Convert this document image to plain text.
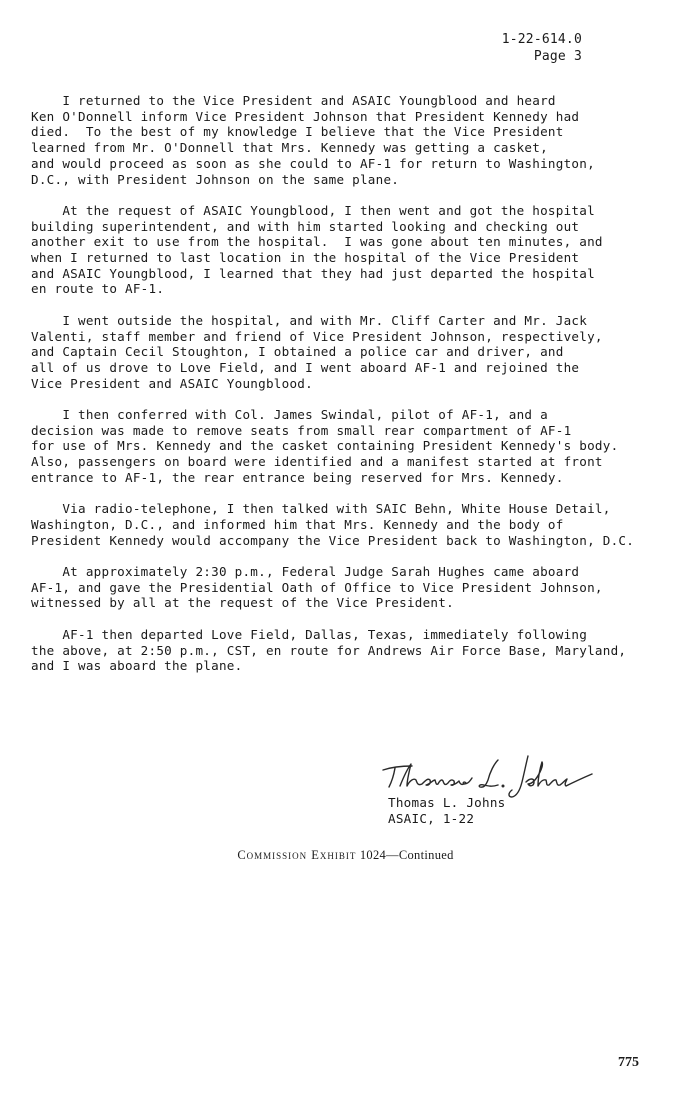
1-22-614.0
Page 3

I returned to the Vice President and ASAIC Youngblood and heard
Ken O'Donnell inform Vice President Johnson that President Kennedy had
died.  To the best of my knowledge I believe that the Vice President
learned from Mr. O'Donnell that Mrs. Kennedy was getting a casket,
and would proceed as soon as she could to AF-1 for return to Washington,
D.C., with President Johnson on the same plane.

At the request of ASAIC Youngblood, I then went and got the hospital
building superintendent, and with him started looking and checking out
another exit to use from the hospital.  I was gone about ten minutes, and
when I returned to last location in the hospital of the Vice President
and ASAIC Youngblood, I learned that they had just departed the hospital
en route to AF-1.

I went outside the hospital, and with Mr. Cliff Carter and Mr. Jack
Valenti, staff member and friend of Vice President Johnson, respectively,
and Captain Cecil Stoughton, I obtained a police car and driver, and
all of us drove to Love Field, and I went aboard AF-1 and rejoined the
Vice President and ASAIC Youngblood.

I then conferred with Col. James Swindal, pilot of AF-1, and a
decision was made to remove seats from small rear compartment of AF-1
for use of Mrs. Kennedy and the casket containing President Kennedy's body.
Also, passengers on board were identified and a manifest started at front
entrance to AF-1, the rear entrance being reserved for Mrs. Kennedy.

Via radio-telephone, I then talked with SAIC Behn, White House Detail,
Washington, D.C., and informed him that Mrs. Kennedy and the body of
President Kennedy would accompany the Vice President back to Washington, D.C.

At approximately 2:30 p.m., Federal Judge Sarah Hughes came aboard
AF-1, and gave the Presidential Oath of Office to Vice President Johnson,
witnessed by all at the request of the Vice President.

AF-1 then departed Love Field, Dallas, Texas, immediately following
the above, at 2:50 p.m., CST, en route for Andrews Air Force Base, Maryland,
and I was aboard the plane.

Thomas L. Johns
ASAIC, 1-22
Commission Exhibit 1024—Continued
775
